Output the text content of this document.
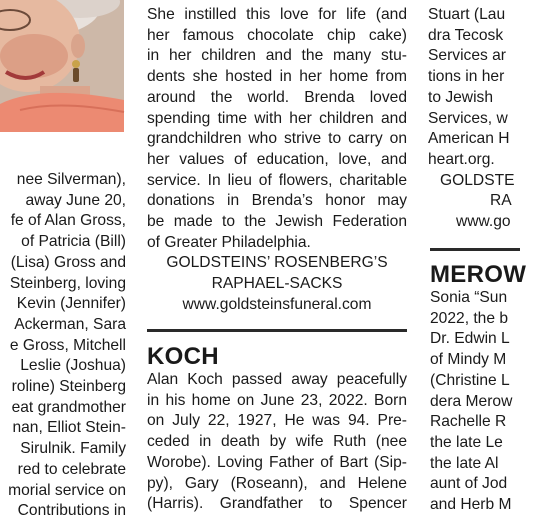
nee Silverman),
away June 20,
fe of Alan Gross,
of Patricia (Bill)
(Lisa) Gross and
Steinberg, loving
Kevin (Jennifer)
Ackerman, Sara
e Gross, Mitchell
Leslie (Joshua)
roline) Steinberg
eat grandmother
nan, Elliot Stein-
Sirulnik. Family
red to celebrate
morial service on
Contributions in
She instilled this love for life (and
her famous chocolate chip cake)
in her children and the many stu-
dents she hosted in her home from
around the world. Brenda loved
spending time with her children and
grandchildren who strive to carry on
her values of education, love, and
service. In lieu of flowers, charitable
donations in Brenda’s honor may
be made to the Jewish Federation
of Greater Philadelphia.
GOLDSTEINS’ ROSENBERG’S
RAPHAEL-SACKS
www.goldsteinsfuneral.com
KOCH
Alan Koch passed away peacefully
in his home on June 23, 2022. Born
on July 22, 1927, He was 94. Pre-
ceded in death by wife Ruth (nee
Worobe). Loving Father of Bart (Sip-
py), Gary (Roseann), and Helene
(Harris). Grandfather to Spencer
Stuart (Lau
dra Tecosk
Services ar
tions in her
to Jewish
Services, w
American H
heart.org.
GOLDSTE
RA
www.go
MEROW
Sonia “Sun
2022, the b
Dr. Edwin L
of Mindy M
(Christine L
dera Merow
Rachelle R
the late Le
the late Al
aunt of Jod
and Herb M
